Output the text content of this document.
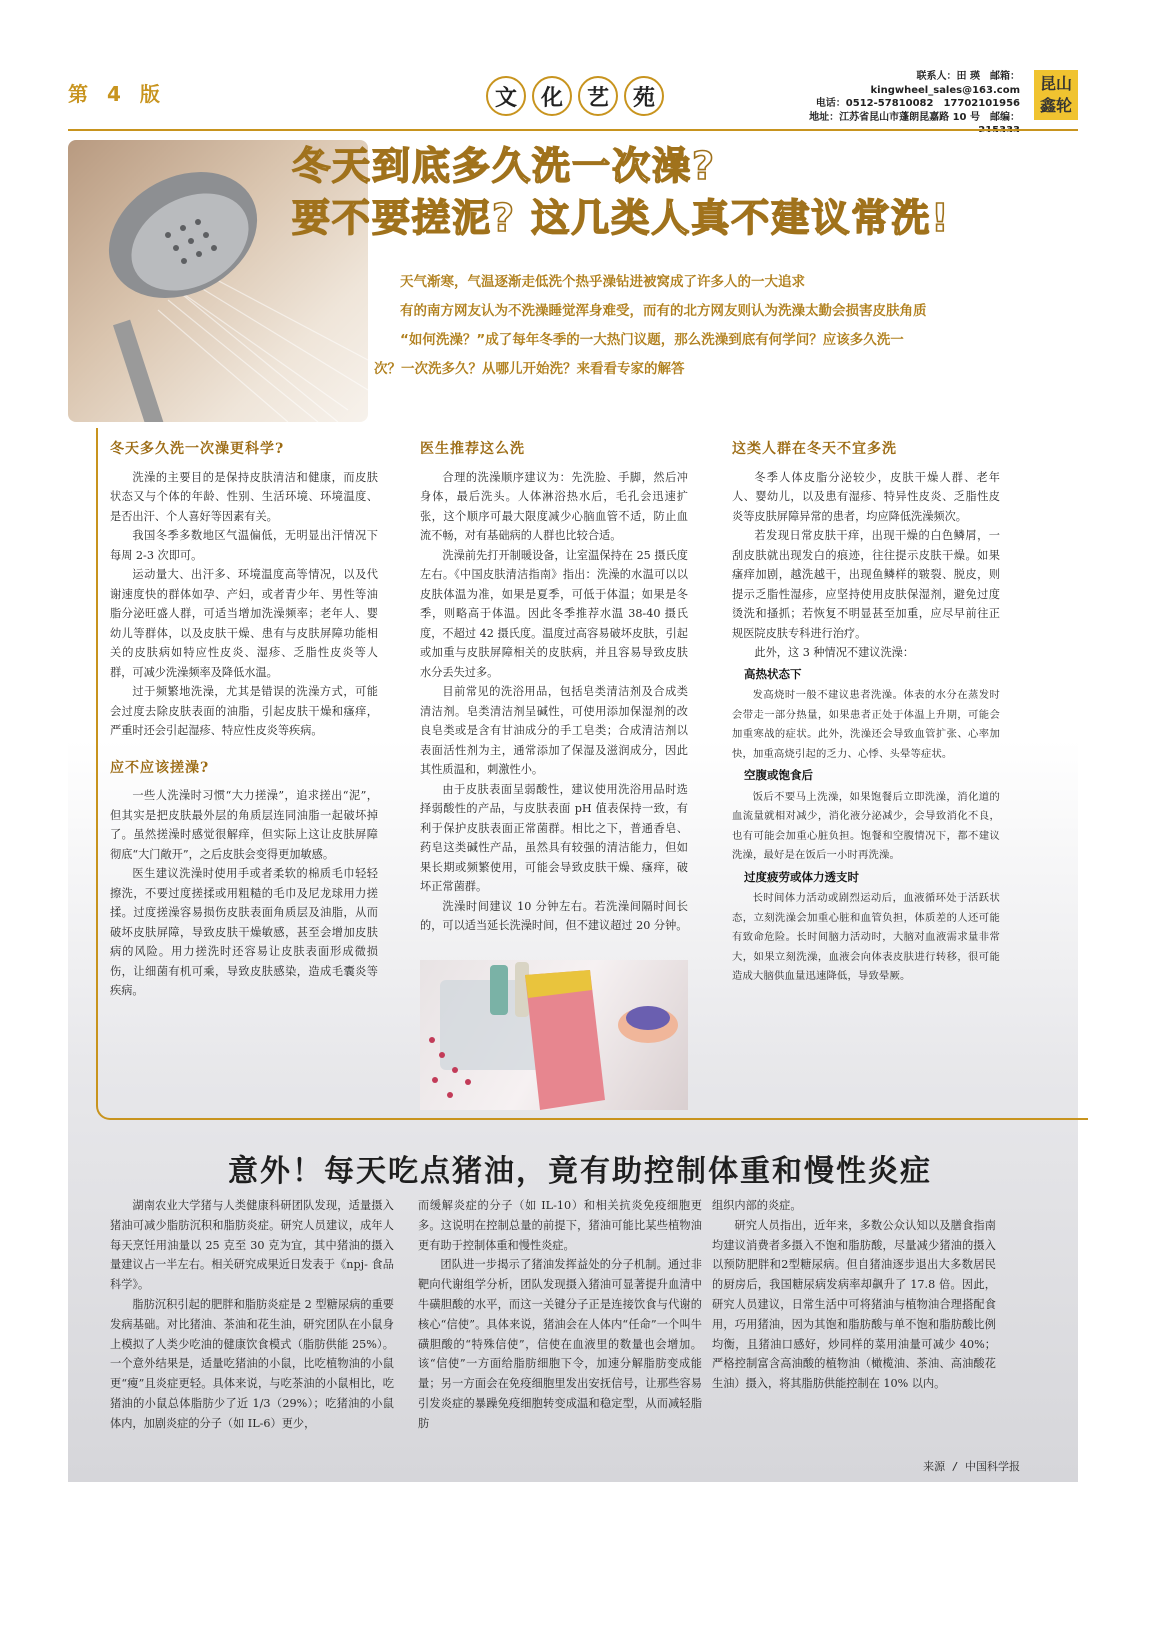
第 4 版	文	化	艺	苑
联系人：田 瑛　邮箱：kingwheel_sales@163.com
电话：0512-57810082　17702101956
地址：江苏省昆山市蓬朗昆嘉路 10 号　邮编：
昆山
鑫轮
冬天到底多久洗一次澡?
要不要搓泥? 这几类人真不建议常洗!

天气渐寒，气温逐渐走低洗个热乎澡钻进被窝成了许多人的一大追求

有的南方网友认为不洗澡睡觉浑身难受，而有的北方网友则认为洗澡太勤会损害皮肤角质

“如何洗澡？”成了每年冬季的一大热门议题，那么洗澡到底有何学问？应该多久洗一

次？一次洗多久？从哪儿开始洗？来看看专家的解答

冬天多久洗一次澡更科学?

洗澡的主要目的是保持皮肤清洁和健康，而皮肤状态又与个体的年龄、性别、生活环境、环境温度、是否出汗、个人喜好等因素有关。

我国冬季多数地区气温偏低，无明显出汗情况下每周 2-3 次即可。

运动量大、出汗多、环境温度高等情况，以及代谢速度快的群体如孕、产妇，或者青少年、男性等油脂分泌旺盛人群，可适当增加洗澡频率；老年人、婴幼儿等群体，以及皮肤干燥、患有与皮肤屏障功能相关的皮肤病如特应性皮炎、湿疹、乏脂性皮炎等人群，可减少洗澡频率及降低水温。

过于频繁地洗澡，尤其是错误的洗澡方式，可能会过度去除皮肤表面的油脂，引起皮肤干燥和瘙痒，严重时还会引起湿疹、特应性皮炎等疾病。

应不应该搓澡?

一些人洗澡时习惯“大力搓澡”，追求搓出“泥”，但其实是把皮肤最外层的角质层连同油脂一起破坏掉了。虽然搓澡时感觉很解痒，但实际上这让皮肤屏障彻底“大门敞开”，之后皮肤会变得更加敏感。

医生建议洗澡时使用手或者柔软的棉质毛巾轻轻擦洗，不要过度搓揉或用粗糙的毛巾及尼龙球用力搓揉。过度搓澡容易损伤皮肤表面角质层及油脂，从而破坏皮肤屏障，导致皮肤干燥敏感，甚至会增加皮肤病的风险。用力搓洗时还容易让皮肤表面形成微损伤，让细菌有机可乘，导致皮肤感染，造成毛囊炎等疾病。

医生推荐这么洗

合理的洗澡顺序建议为：先洗脸、手脚，然后冲身体，最后洗头。人体淋浴热水后，毛孔会迅速扩张，这个顺序可最大限度减少心脑血管不适，防止血流不畅，对有基础病的人群也比较合适。

洗澡前先打开制暖设备，让室温保持在 25 摄氏度左右。《中国皮肤清洁指南》指出：洗澡的水温可以以皮肤体温为准，如果是夏季，可低于体温；如果是冬季，则略高于体温。因此冬季推荐水温 38-40 摄氏度，不超过 42 摄氏度。温度过高容易破坏皮肤，引起或加重与皮肤屏障相关的皮肤病，并且容易导致皮肤水分丢失过多。

目前常见的洗浴用品，包括皂类清洁剂及合成类清洁剂。皂类清洁剂呈碱性，可使用添加保湿剂的改良皂类或是含有甘油成分的手工皂类；合成清洁剂以表面活性剂为主，通常添加了保湿及滋润成分，因此其性质温和，刺激性小。

由于皮肤表面呈弱酸性，建议使用洗浴用品时选择弱酸性的产品，与皮肤表面 pH 值表保持一致，有利于保护皮肤表面正常菌群。相比之下，普通香皂、药皂这类碱性产品，虽然具有较强的清洁能力，但如果长期或频繁使用，可能会导致皮肤干燥、瘙痒，破坏正常菌群。

洗澡时间建议 10 分钟左右。若洗澡间隔时间长的，可以适当延长洗澡时间，但不建议超过 20 分钟。

这类人群在冬天不宜多洗

冬季人体皮脂分泌较少，皮肤干燥人群、老年人、婴幼儿，以及患有湿疹、特异性皮炎、乏脂性皮炎等皮肤屏障异常的患者，均应降低洗澡频次。

若发现日常皮肤干痒，出现干燥的白色鳞屑，一刮皮肤就出现发白的痕迹，往往提示皮肤干燥。如果瘙痒加剧，越洗越干，出现鱼鳞样的皲裂、脱皮，则提示乏脂性湿疹，应坚持使用皮肤保湿剂，避免过度烫洗和搔抓；若恢复不明显甚至加重，应尽早前往正规医院皮肤专科进行治疗。

此外，这 3 种情况不建议洗澡：

高热状态下

发高烧时一般不建议患者洗澡。体表的水分在蒸发时会带走一部分热量，如果患者正处于体温上升期，可能会加重寒战的症状。此外，洗澡还会导致血管扩张、心率加快，加重高烧引起的乏力、心悸、头晕等症状。

空腹或饱食后

饭后不要马上洗澡，如果饱餐后立即洗澡，消化道的血流量就相对减少，消化液分泌减少，会导致消化不良，也有可能会加重心脏负担。饱餐和空腹情况下，都不建议洗澡，最好是在饭后一小时再洗澡。

过度疲劳或体力透支时

长时间体力活动或剧烈运动后，血液循环处于活跃状态，立刻洗澡会加重心脏和血管负担，体质差的人还可能有致命危险。长时间脑力活动时，大脑对血液需求量非常大，如果立刻洗澡，血液会向体表皮肤进行转移，很可能造成大脑供血量迅速降低，导致晕厥。

意外！每天吃点猪油，竟有助控制体重和慢性炎症

湖南农业大学猪与人类健康科研团队发现，适量摄入猪油可减少脂肪沉积和脂肪炎症。研究人员建议，成年人每天烹饪用油量以 25 克至 30 克为宜，其中猪油的摄入量建议占一半左右。相关研究成果近日发表于《npj- 食品科学》。

脂肪沉积引起的肥胖和脂肪炎症是 2 型糖尿病的重要发病基础。对比猪油、茶油和花生油，研究团队在小鼠身上模拟了人类少吃油的健康饮食模式（脂肪供能 25%）。一个意外结果是，适量吃猪油的小鼠，比吃植物油的小鼠更“瘦”且炎症更轻。具体来说，与吃茶油的小鼠相比，吃猪油的小鼠总体脂肪少了近 1/3（29%）；吃猪油的小鼠体内，加剧炎症的分子（如 IL-6）更少，

而缓解炎症的分子（如 IL-10）和相关抗炎免疫细胞更多。这说明在控制总量的前提下，猪油可能比某些植物油更有助于控制体重和慢性炎症。

团队进一步揭示了猪油发挥益处的分子机制。通过非靶向代谢组学分析，团队发现摄入猪油可显著提升血清中牛磺胆酸的水平，而这一关键分子正是连接饮食与代谢的核心“信使”。具体来说，猪油会在人体内“任命”一个叫牛磺胆酸的“特殊信使”，信使在血液里的数量也会增加。该“信使”一方面给脂肪细胞下令，加速分解脂肪变成能量；另一方面会在免疫细胞里发出安抚信号，让那些容易引发炎症的暴躁免疫细胞转变成温和稳定型，从而减轻脂肪

组织内部的炎症。

研究人员指出，近年来，多数公众认知以及膳食指南均建议消费者多摄入不饱和脂肪酸，尽量减少猪油的摄入以预防肥胖和2型糖尿病。但自猪油逐步退出大多数居民的厨房后，我国糖尿病发病率却飙升了 17.8 倍。因此，研究人员建议，日常生活中可将猪油与植物油合理搭配食用，巧用猪油，因为其饱和脂肪酸与单不饱和脂肪酸比例均衡，且猪油口感好，炒同样的菜用油量可减少 40%；严格控制富含高油酸的植物油（橄榄油、茶油、高油酸花生油）摄入，将其脂肪供能控制在 10% 以内。

来源 / 中国科学报
